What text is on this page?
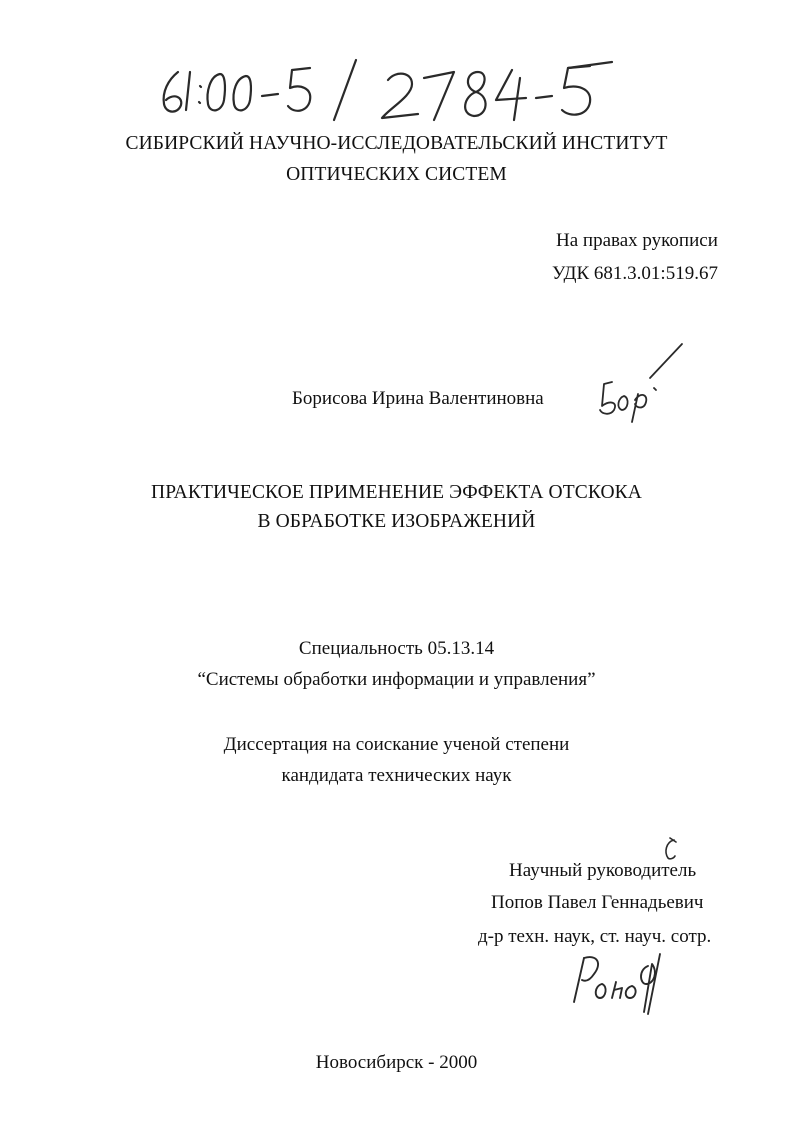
СИБИРСКИЙ НАУЧНО-ИССЛЕДОВАТЕЛЬСКИЙ ИНСТИТУТ
ОПТИЧЕСКИХ СИСТЕМ
На правах рукописи
УДК 681.3.01:519.67
Борисова Ирина Валентиновна
ПРАКТИЧЕСКОЕ ПРИМЕНЕНИЕ ЭФФЕКТА ОТСКОКА
В ОБРАБОТКЕ ИЗОБРАЖЕНИЙ
Специальность 05.13.14
“Системы обработки информации и управления”
Диссертация на соискание ученой степени
кандидата технических наук
Научный руководитель
Попов Павел Геннадьевич
д-р техн. наук, ст. науч. сотр.
Новосибирск - 2000
